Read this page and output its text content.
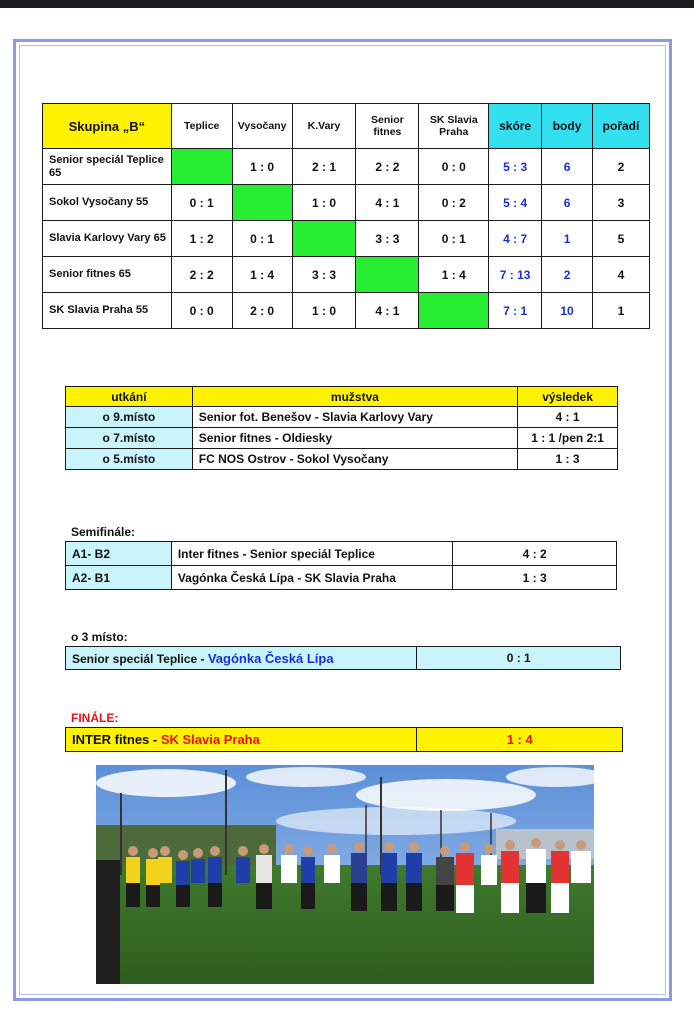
Skupina „B“	Teplice	Vysočany	K.Vary	Senior fitnes	SK Slavia Praha	skóre	body	pořadí
Senior speciál Teplice 65		1 : 0	2 : 1	2 : 2	0 : 0	5 : 3	6	2
Sokol Vysočany 55	0 : 1		1 : 0	4 : 1	0 : 2	5 : 4	6	3
Slavia Karlovy Vary 65	1 : 2	0 : 1		3 : 3	0 : 1	4 : 7	1	5
Senior fitnes 65	2 : 2	1 : 4	3 : 3		1 : 4	7 : 13	2	4
SK Slavia Praha 55	0 : 0	2 : 0	1 : 0	4 : 1		7 : 1	10	1
utkání	mužstva	výsledek
o 9.místo	Senior fot. Benešov - Slavia Karlovy Vary	4 : 1
o 7.místo	Senior fitnes - Oldiesky	1 : 1 /pen 2:1
o 5.místo	FC NOS Ostrov - Sokol Vysočany	1 : 3
Semifinále:
A1- B2	Inter fitnes - Senior speciál Teplice	4 : 2
A2- B1	Vagónka Česká Lípa - SK Slavia Praha	1 : 3
o 3 místo:
Senior speciál Teplice - Vagónka Česká Lípa	0 : 1
FINÁLE:
INTER fitnes - SK Slavia Praha	1 : 4
